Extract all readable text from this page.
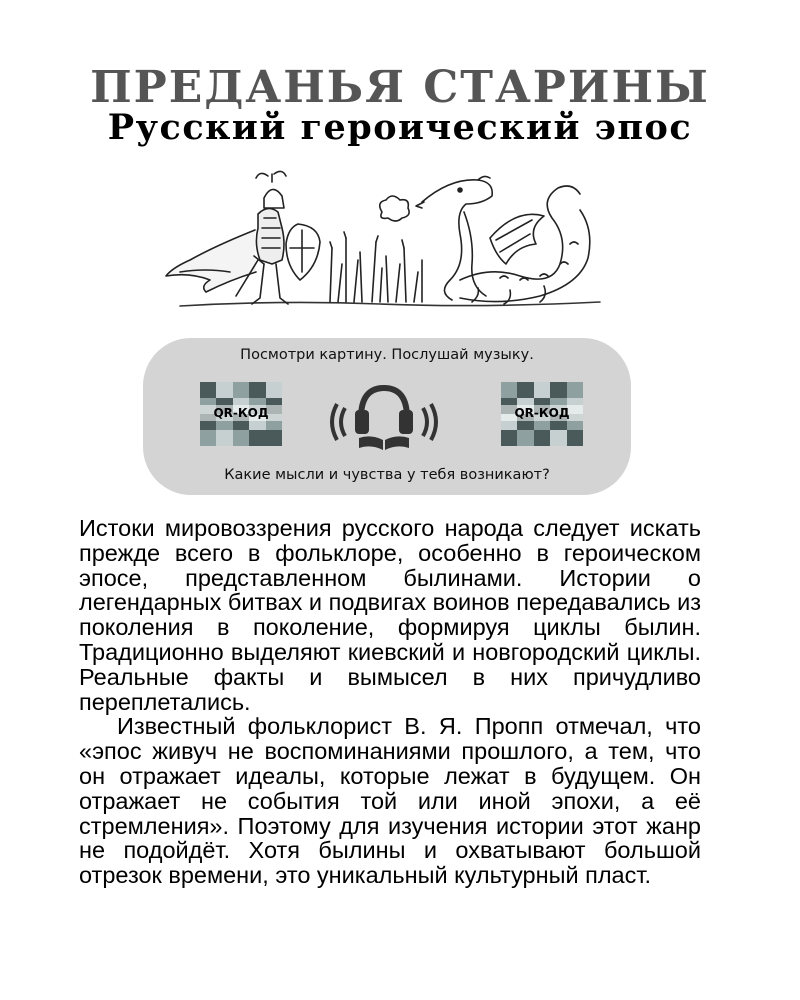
ПРЕДАНЬЯ СТАРИНЫ
Русский героический эпос
Посмотри картину. Послушай музыку.
QR-КОД	QR-КОД
Какие мысли и чувства у тебя возникают?

Истоки мировоззрения русского народа следует искать прежде всего в фольклоре, особенно в героическом эпосе, представленном былинами. Истории о легендарных битвах и подвигах воинов передавались из поколения в поколение, формируя циклы былин. Традиционно выделяют киевский и новгородский циклы. Реальные факты и вымысел в них причудливо переплетались.

Известный фольклорист В. Я. Пропп отмечал, что «эпос живуч не воспоминаниями прошлого, а тем, что он отражает идеалы, которые лежат в будущем. Он отражает не события той или иной эпохи, а её стремления». Поэтому для изучения истории этот жанр не подойдёт. Хотя былины и охватывают большой отрезок времени, это уникальный культурный пласт.
